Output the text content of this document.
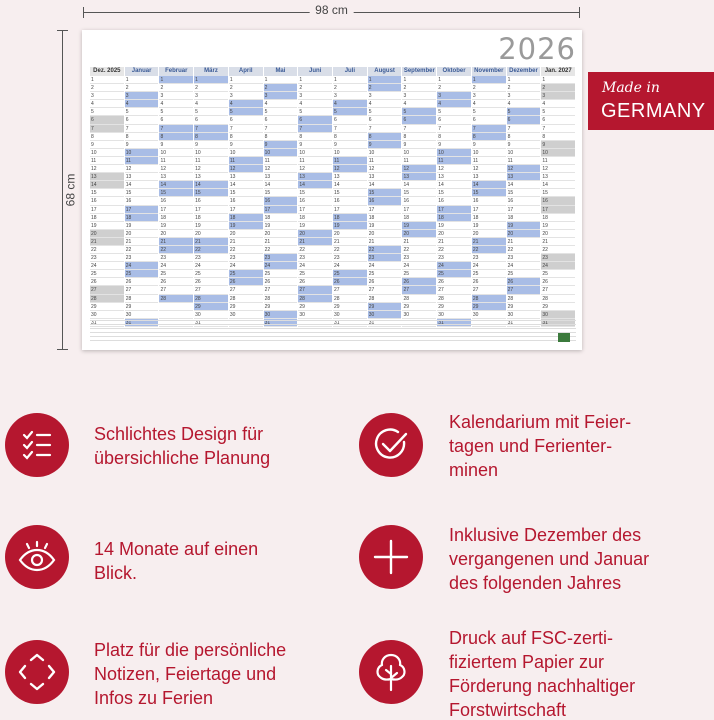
98 cm
68 cm
2026
Dez. 2025
1
2
3
4
5
6
7
8
9
10
11
12
13
14
15
16
17
18
19
20
21
22
23
24
25
26
27
28
29
30
31
Januar
1
2
3
4
5
6
7
8
9
10
11
12
13
14
15
16
17
18
19
20
21
22
23
24
25
26
27
28
29
30
31
Februar
1
2
3
4
5
6
7
8
9
10
11
12
13
14
15
16
17
18
19
20
21
22
23
24
25
26
27
28
März
1
2
3
4
5
6
7
8
9
10
11
12
13
14
15
16
17
18
19
20
21
22
23
24
25
26
27
28
29
30
31
April
1
2
3
4
5
6
7
8
9
10
11
12
13
14
15
16
17
18
19
20
21
22
23
24
25
26
27
28
29
30
Mai
1
2
3
4
5
6
7
8
9
10
11
12
13
14
15
16
17
18
19
20
21
22
23
24
25
26
27
28
29
30
31
Juni
1
2
3
4
5
6
7
8
9
10
11
12
13
14
15
16
17
18
19
20
21
22
23
24
25
26
27
28
29
30
Juli
1
2
3
4
5
6
7
8
9
10
11
12
13
14
15
16
17
18
19
20
21
22
23
24
25
26
27
28
29
30
31
August
1
2
3
4
5
6
7
8
9
10
11
12
13
14
15
16
17
18
19
20
21
22
23
24
25
26
27
28
29
30
31
September
1
2
3
4
5
6
7
8
9
10
11
12
13
14
15
16
17
18
19
20
21
22
23
24
25
26
27
28
29
30
Oktober
1
2
3
4
5
6
7
8
9
10
11
12
13
14
15
16
17
18
19
20
21
22
23
24
25
26
27
28
29
30
31
November
1
2
3
4
5
6
7
8
9
10
11
12
13
14
15
16
17
18
19
20
21
22
23
24
25
26
27
28
29
30
Dezember
1
2
3
4
5
6
7
8
9
10
11
12
13
14
15
16
17
18
19
20
21
22
23
24
25
26
27
28
29
30
31
Jan. 2027
1
2
3
4
5
6
7
8
9
10
11
12
13
14
15
16
17
18
19
20
21
22
23
24
25
26
27
28
29
30
31
Made in
GERMANY
Schlichtes Design für übersichliche Planung
Kalendarium mit Feier-
tagen und Ferienter-
minen
14 Monate auf einen
Blick.
Inklusive Dezember des
vergangenen und Januar
des folgenden Jahres
Platz für die persönliche
Notizen, Feiertage und
Infos zu Ferien
Druck auf FSC-zerti-
fiziertem Papier zur
Förderung nachhaltiger
Forstwirtschaft
